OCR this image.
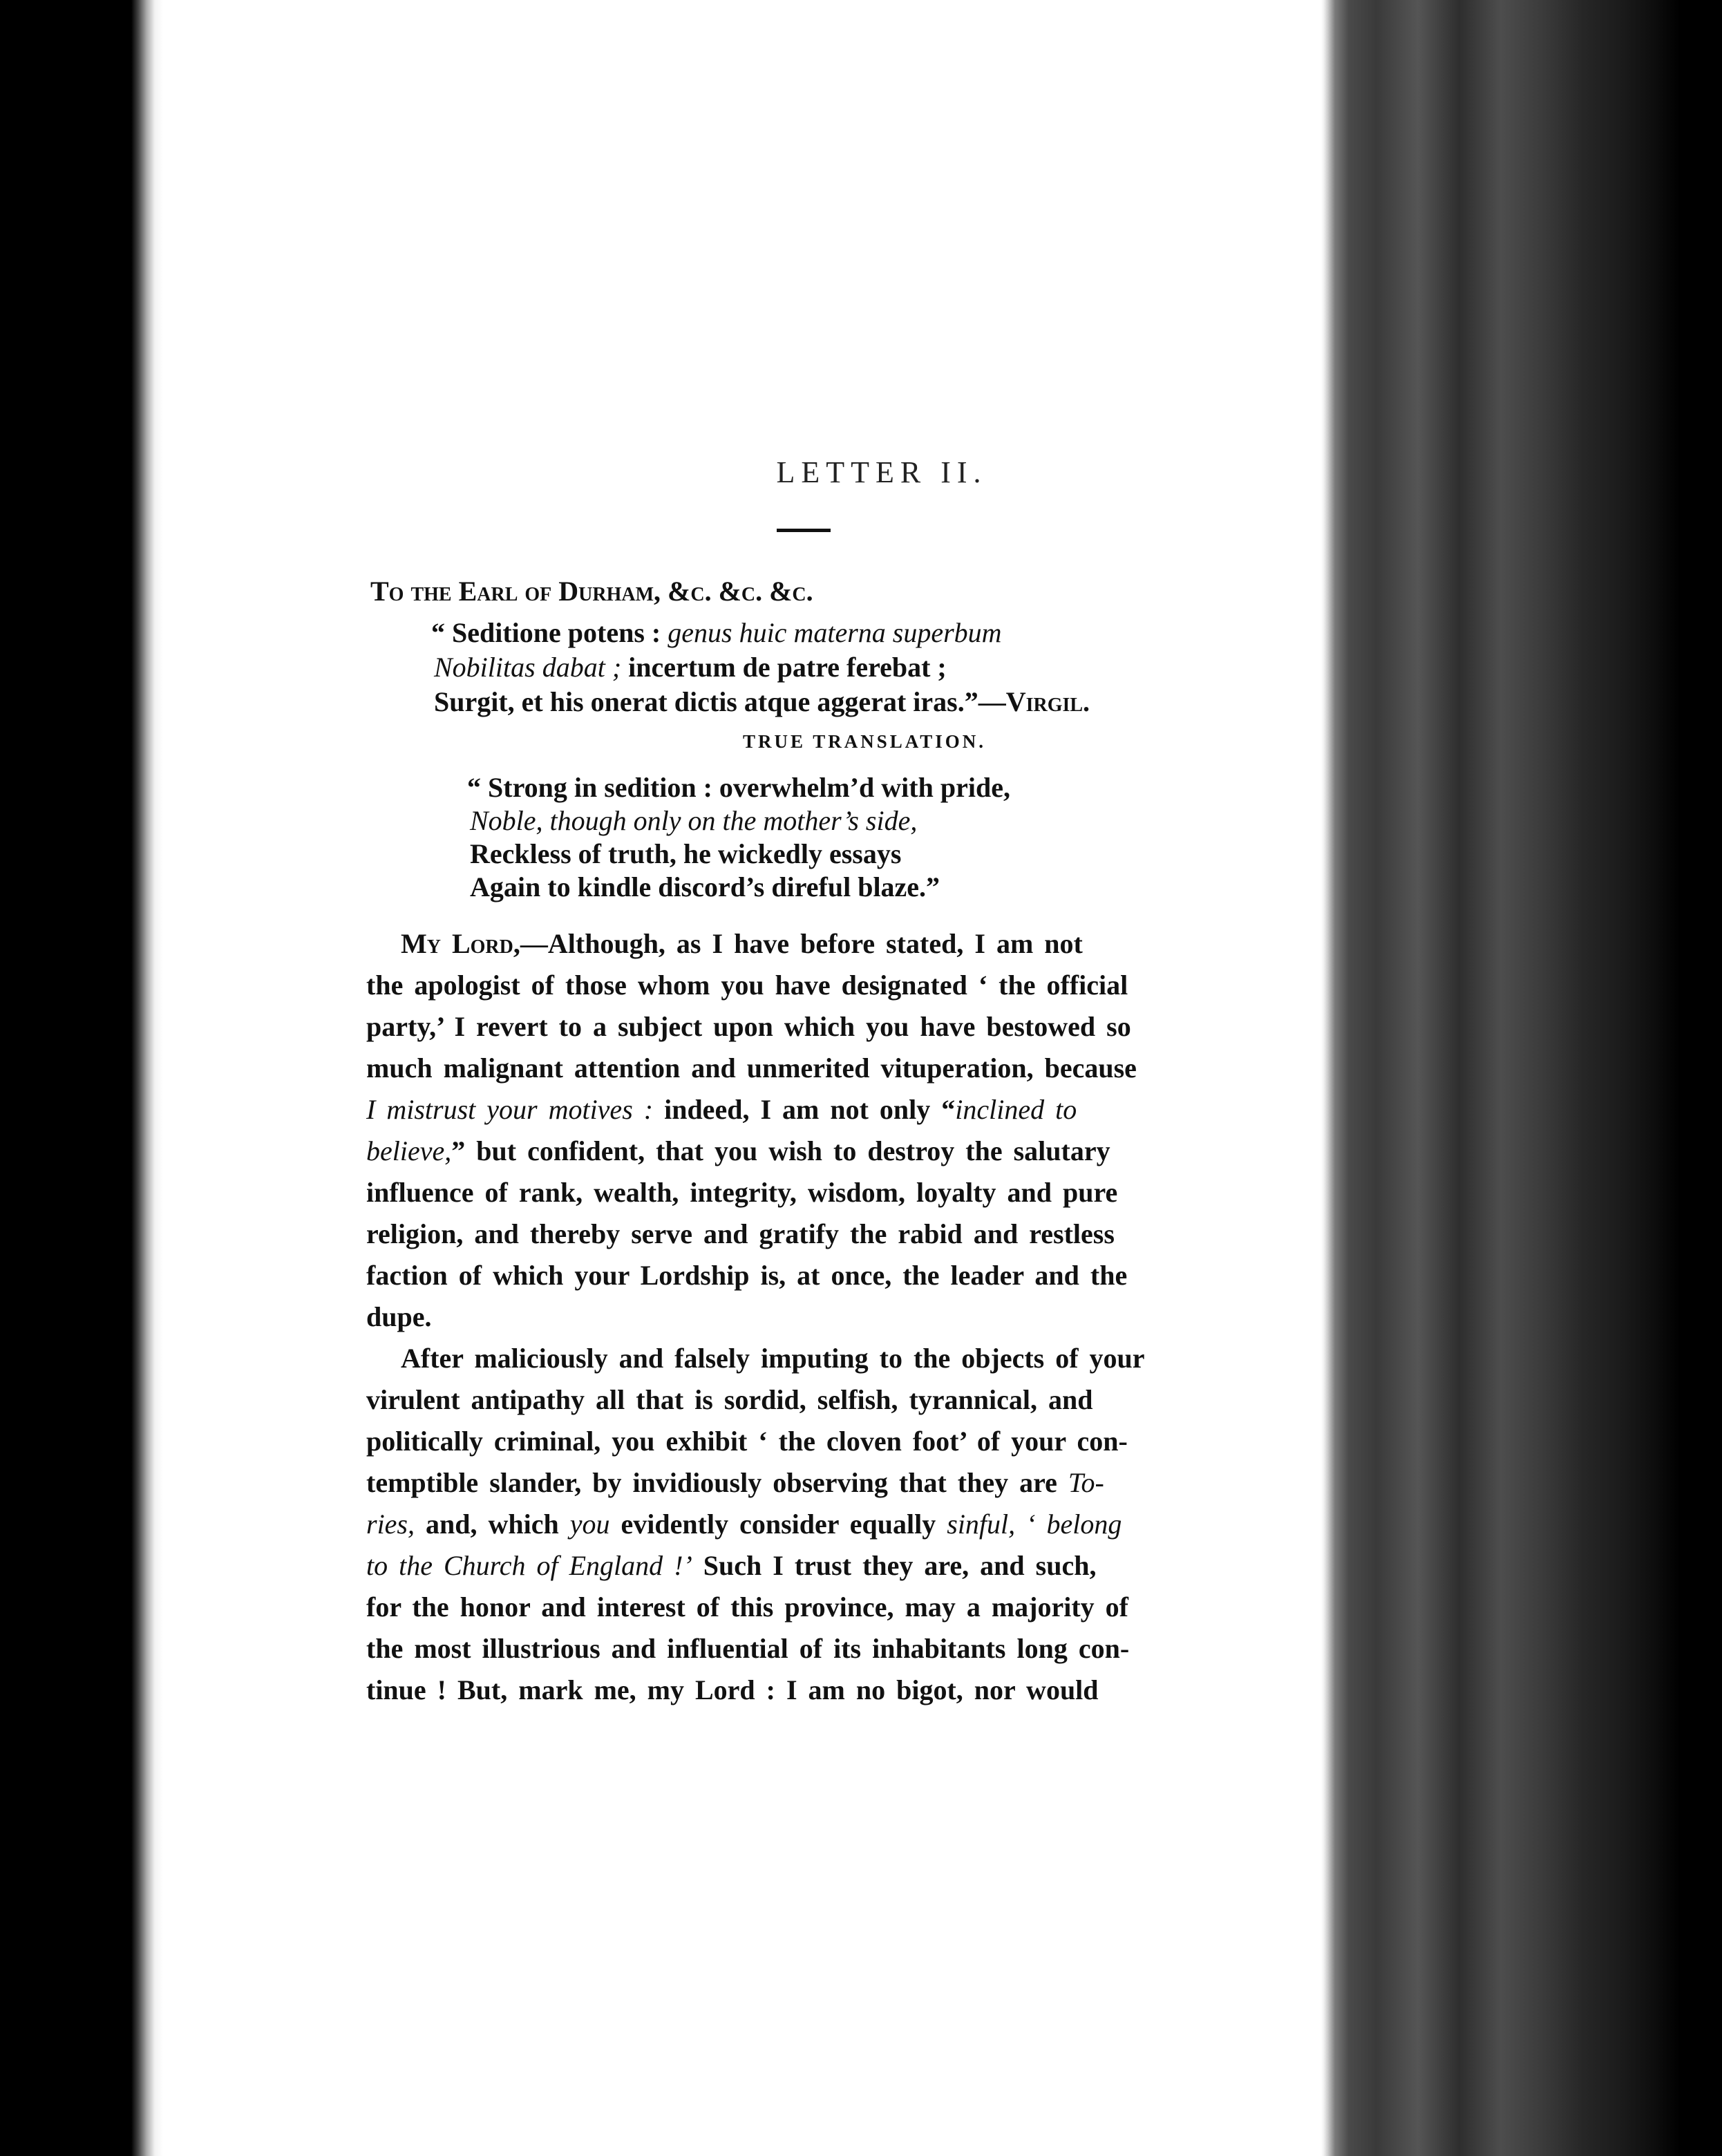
LETTER II.
To the Earl of Durham, &c. &c. &c.
“ Seditione potens : genus huic materna superbum
Nobilitas dabat ; incertum de patre ferebat ;
Surgit, et his onerat dictis atque aggerat iras.”—Virgil.
TRUE TRANSLATION.
“ Strong in sedition : overwhelm’d with pride,
Noble, though only on the mother’s side,
Reckless of truth, he wickedly essays
Again to kindle discord’s direful blaze.”
My Lord,—Although, as I have before stated, I am not
the apologist of those whom you have designated ‘ the official
party,’ I revert to a subject upon which you have bestowed so
much malignant attention and unmerited vituperation, because
I mistrust your motives : indeed, I am not only “inclined to
believe,” but confident, that you wish to destroy the salutary
influence of rank, wealth, integrity, wisdom, loyalty and pure
religion, and thereby serve and gratify the rabid and restless
faction of which your Lordship is, at once, the leader and the
dupe.
After maliciously and falsely imputing to the objects of your
virulent antipathy all that is sordid, selfish, tyrannical, and
politically criminal, you exhibit ‘ the cloven foot’ of your con-
temptible slander, by invidiously observing that they are To-
ries, and, which you evidently consider equally sinful, ‘ belong
to the Church of England !’ Such I trust they are, and such,
for the honor and interest of this province, may a majority of
the most illustrious and influential of its inhabitants long con-
tinue ! But, mark me, my Lord : I am no bigot, nor would
